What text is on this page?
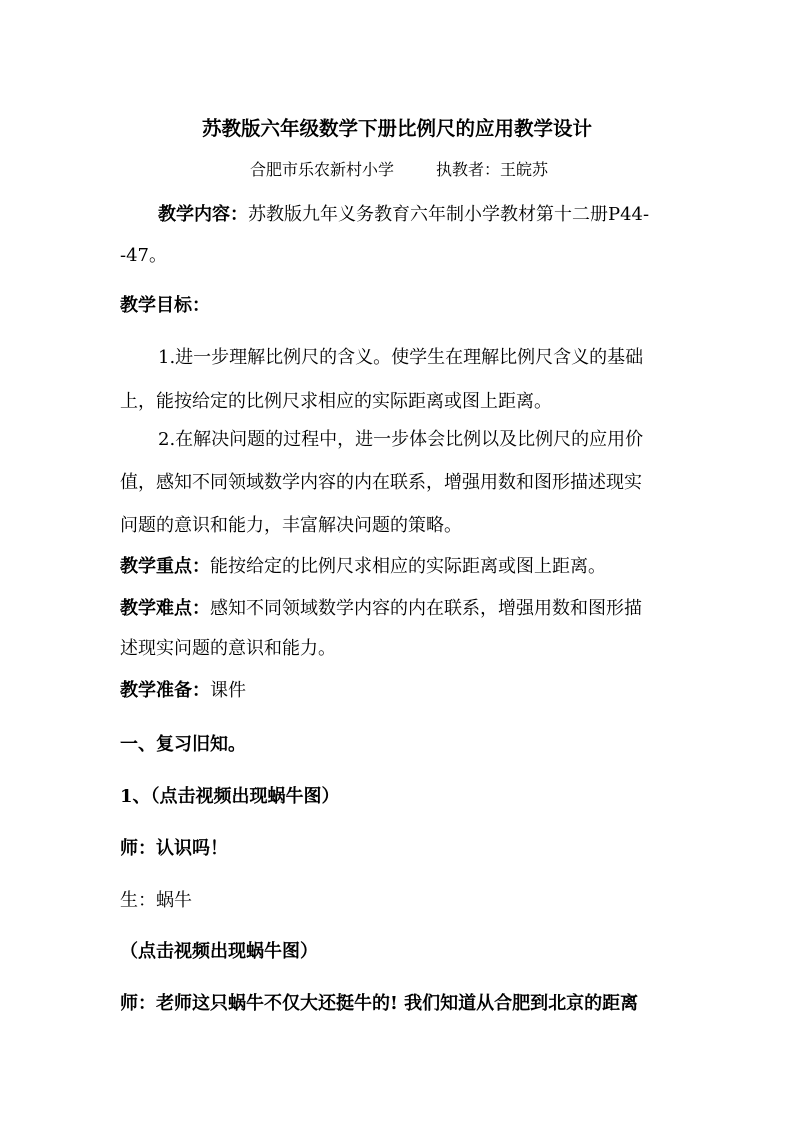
苏教版六年级数学下册比例尺的应用教学设计
合肥市乐农新村小学	执教者：王皖苏
教学内容：苏教版九年义务教育六年制小学教材第十二册P44-
-47。
教学目标：
1.进一步理解比例尺的含义。使学生在理解比例尺含义的基础
上，能按给定的比例尺求相应的实际距离或图上距离。
2.在解决问题的过程中，进一步体会比例以及比例尺的应用价
值，感知不同领域数学内容的内在联系，增强用数和图形描述现实
问题的意识和能力，丰富解决问题的策略。
教学重点：能按给定的比例尺求相应的实际距离或图上距离。
教学难点：感知不同领域数学内容的内在联系，增强用数和图形描
述现实问题的意识和能力。
教学准备：课件
一、复习旧知。
1、（点击视频出现蜗牛图）
师：认识吗！
生：蜗牛
（点击视频出现蜗牛图）
师：老师这只蜗牛不仅大还挺牛的! 我们知道从合肥到北京的距离
